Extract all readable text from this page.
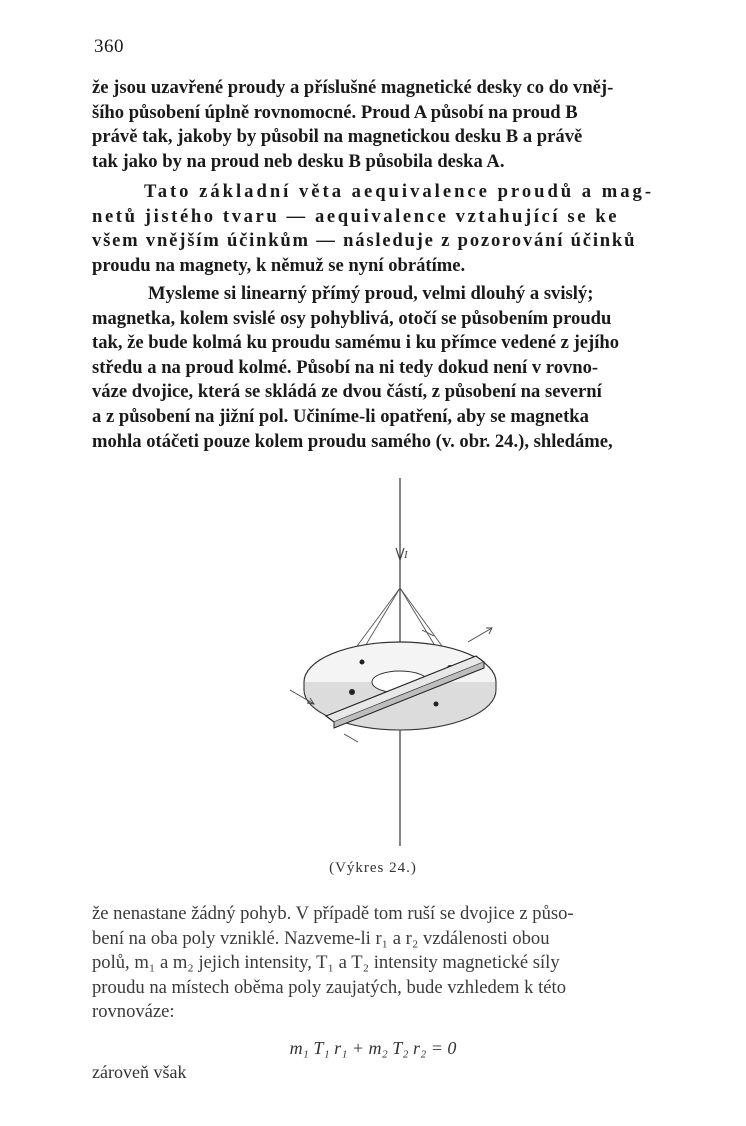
360

že jsou uzavřené proudy a příslušné magnetické desky co do vněj-

šího působení úplně rovnomocné. Proud A působí na proud B

právě tak, jakoby by působil na magnetickou desku B a právě

tak jako by na proud neb desku B působila deska A.

Tato základní věta aequivalence proudů a mag-

netů jistého tvaru — aequivalence vztahující se ke

všem vnějším účinkům — následuje z pozorování účinků

proudu na magnety, k němuž se nyní obrátíme.

Mysleme si linearný přímý proud, velmi dlouhý a svislý;

magnetka, kolem svislé osy pohyblivá, otočí se působením proudu

tak, že bude kolmá ku proudu samému i ku přímce vedené z jejího

středu a na proud kolmé. Působí na ni tedy dokud není v rovno-

váze dvojice, která se skládá ze dvou částí, z působení na severní

a z působení na jižní pol. Učiníme-li opatření, aby se magnetka

mohla otáčeti pouze kolem proudu samého (v. obr. 24.), shledáme,

I
(Výkres 24.)

že nenastane žádný pohyb. V případě tom ruší se dvojice z půso-

bení na oba poly vzniklé. Nazveme-li r₁ a r₂ vzdálenosti obou

polů, m₁ a m₂ jejich intensity, T₁ a T₂ intensity magnetické síly

proudu na místech oběma poly zaujatých, bude vzhledem k této

rovnováze:

m₁ T₁ r₁ + m₂ T₂ r₂ = 0
zároveň však
